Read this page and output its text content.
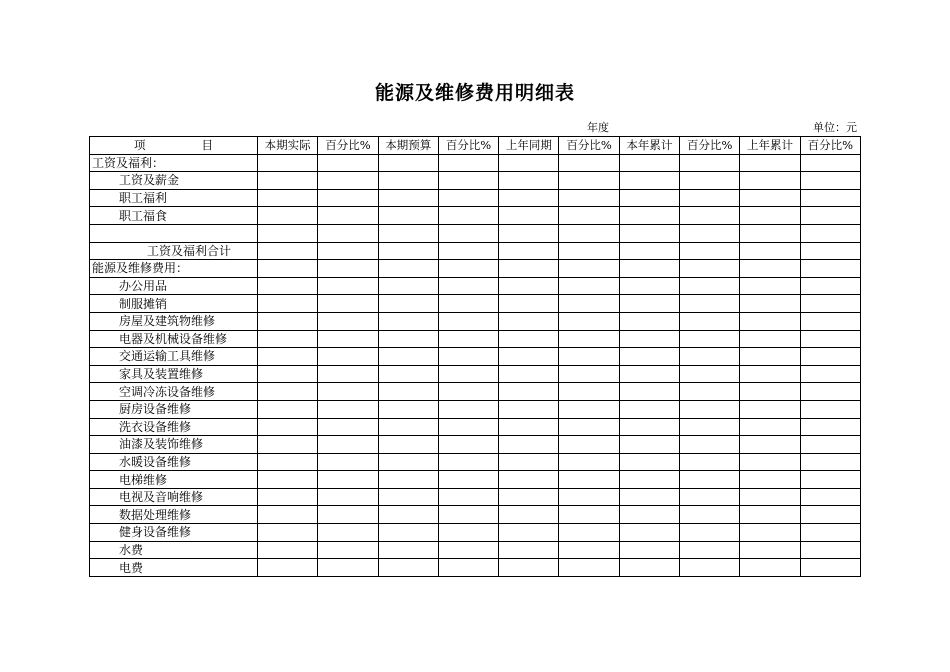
能源及维修费用明细表
年度	单位：元
项 目	本期实际	百分比%	本期预算	百分比%	上年同期	百分比%	本年累计	百分比%	上年累计	百分比%
工资及福利：										
工资及薪金										
职工福利										
职工福食										

工资及福利合计										
能源及维修费用：										
办公用品										
制服摊销										
房屋及建筑物维修										
电器及机械设备维修										
交通运输工具维修										
家具及装置维修										
空调冷冻设备维修										
厨房设备维修										
洗衣设备维修										
油漆及装饰维修										
水暖设备维修										
电梯维修										
电视及音响维修										
数据处理维修										
健身设备维修										
水费										
电费										
